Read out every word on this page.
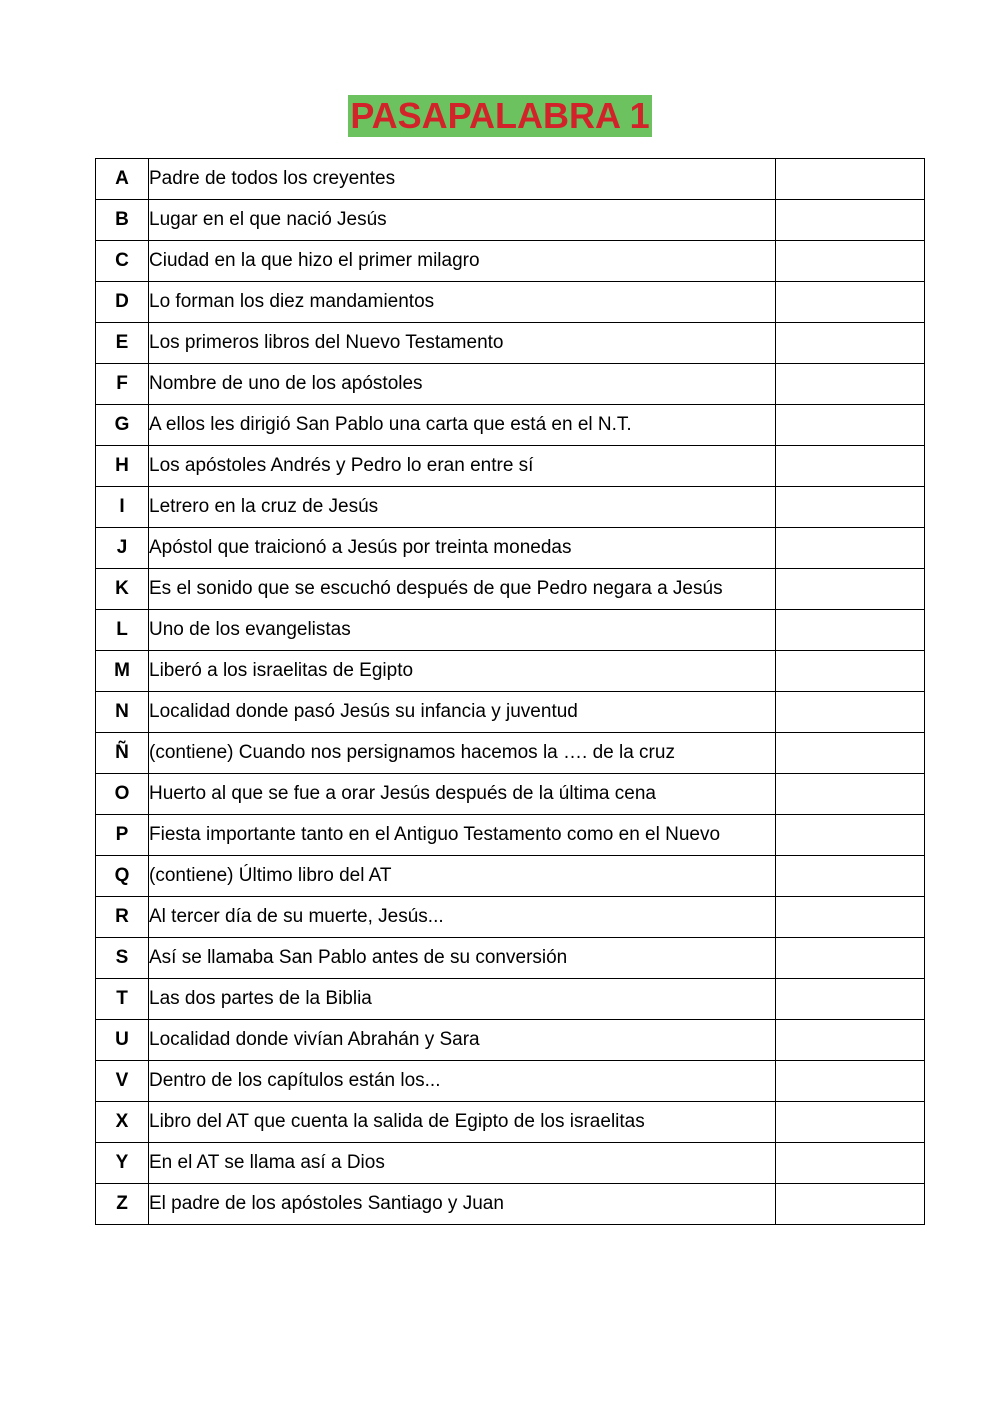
PASAPALABRA 1
A	Padre de todos los creyentes	
B	Lugar en el que nació Jesús	
C	Ciudad en la que hizo el primer milagro	
D	Lo forman los diez mandamientos	
E	Los primeros libros del Nuevo Testamento	
F	Nombre de uno de los apóstoles	
G	A ellos les dirigió San Pablo una carta que está en el N.T.	
H	Los apóstoles Andrés y Pedro lo eran entre sí	
I	Letrero en la cruz de Jesús	
J	Apóstol que traicionó a Jesús por treinta monedas	
K	Es el sonido que se escuchó después de que Pedro negara a Jesús	
L	Uno de los evangelistas	
M	Liberó a los israelitas de Egipto	
N	Localidad donde pasó Jesús su infancia y juventud	
Ñ	(contiene) Cuando nos persignamos hacemos la …. de la cruz	
O	Huerto al que se fue a orar Jesús después de la última cena	
P	Fiesta importante tanto en el Antiguo Testamento como en el Nuevo	
Q	(contiene) Último libro del AT	
R	Al tercer día de su muerte, Jesús...	
S	Así se llamaba San Pablo antes de su conversión	
T	Las dos partes de la Biblia	
U	Localidad donde vivían Abrahán y Sara	
V	Dentro de los capítulos están los...	
X	Libro del AT que cuenta la salida de Egipto de los israelitas	
Y	En el AT se llama así a Dios	
Z	El padre de los apóstoles Santiago y Juan	
